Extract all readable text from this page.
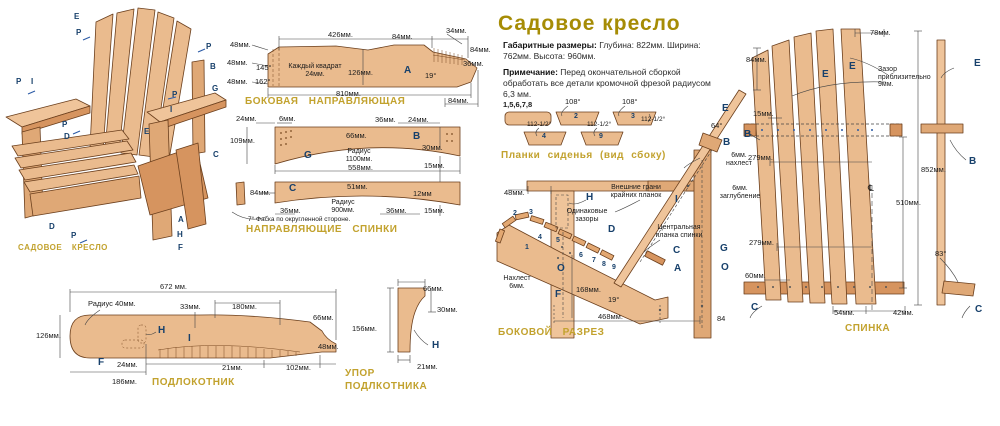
Садовое кресло

Габаритные размеры: Глубина: 822мм. Ширина: 762мм. Высота: 960мм.

Примечание: Перед окончательной сборкой обработать все детали кромочной фрезой радиусом 6,3 мм.

E
P
P
B
P I
G
P
I
P
D
E
C
A
H
F
D
P
САДОВОЕ КРЕСЛО
426мм.	84мм.
34мм.
48мм.
48мм.
48мм.
145°
162°
Каждый квадрат 24мм.	126мм.	A 19°
84мм.
36мм.
810мм.
84мм.
БОКОВАЯ НАПРАВЛЯЮЩАЯ
24мм.	6мм.	36мм. 24мм.
109мм.
66мм.	B
Радиус 1100мм.
G
30мм.
558мм.	15мм.
84мм. C	51мм.
12мм
Радиус 900мм.
36мм.	36мм. 15мм.
7° Фаска по округленной стороне.
НАПРАВЛЯЮЩИЕ СПИНКИ
1,5,6,7,8	108°
2
108°
3 112-1/2°
112-1/2°
4
112-1/2°
9
Планки сиденья (вид сбоку)
48мм.	H
Внешние грани крайних планок	I
E
64°
B
6мм. нахлест
6мм. заглубление
2 3	Одинаковые зазоры
D
4 5
1
Центральная планка спинки
C	G
6
7
8 9	A	O
Нахлест 6мм.
O
F 168мм.
19°
468мм.	84
БОКОВОЙ РАЗРЕЗ
672 мм.
Радиус 40мм.	33мм.	180мм.
66мм.
126мм.	H
I
48мм.
F 24мм.	21мм.	102мм.
186мм. ПОДЛОКОТНИК
66мм.
30мм.
156мм.
H
21мм.
УПОР ПОДЛКОТНИКА
78мм.
84мм.
E
E	Зазор приблизительно 9мм.
15мм.
B
279мм.
852мм.
510мм.
279мм.
60мм.
83°
C	54мм.	42мм.	C
E
B
℄
СПИНКА
